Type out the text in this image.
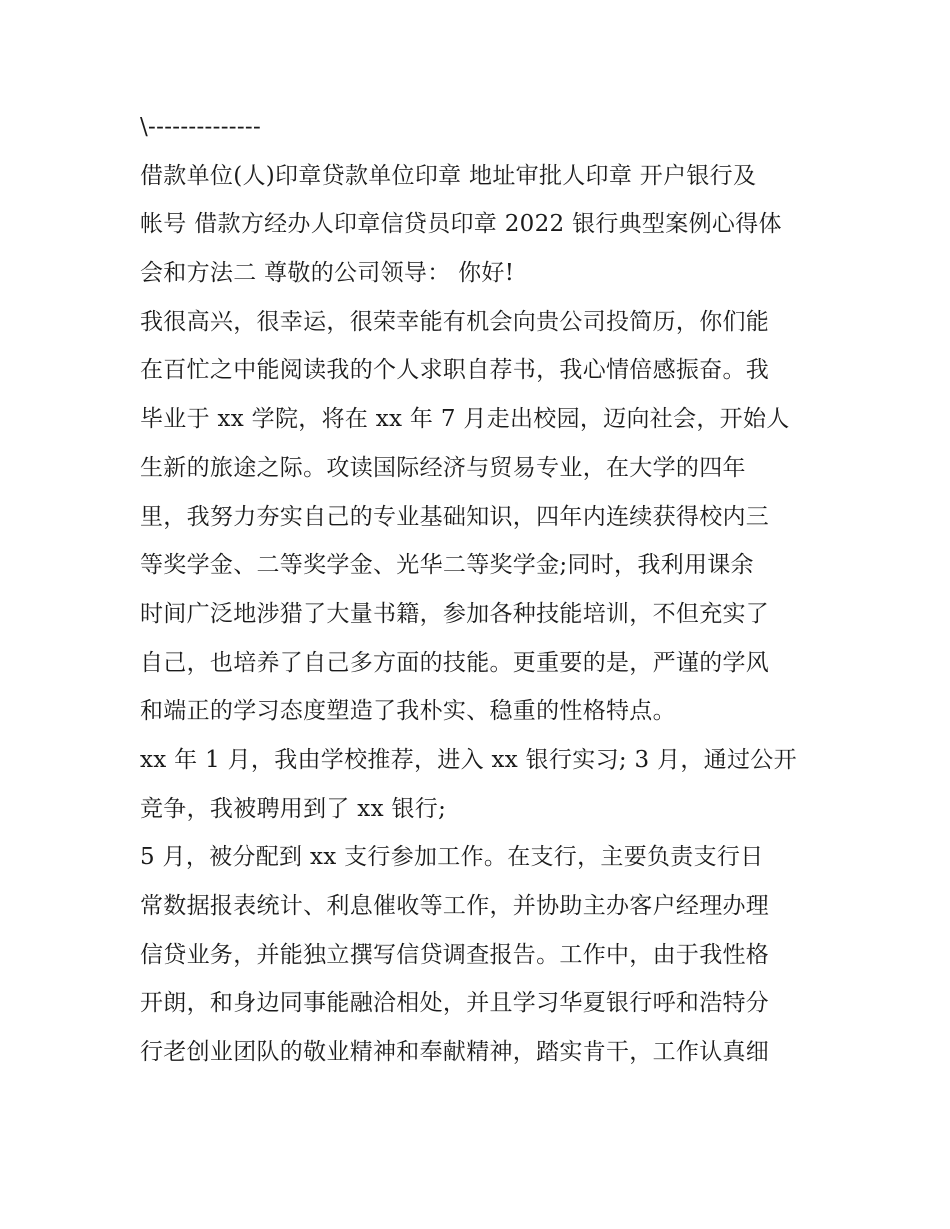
\--------------
借款单位(人)印章贷款单位印章 地址审批人印章 开户银行及
帐号 借款方经办人印章信贷员印章 2022 银行典型案例心得体
会和方法二 尊敬的公司领导： 你好!
我很高兴，很幸运，很荣幸能有机会向贵公司投简历，你们能
在百忙之中能阅读我的个人求职自荐书，我心情倍感振奋。我
毕业于 xx 学院，将在 xx 年 7 月走出校园，迈向社会，开始人
生新的旅途之际。攻读国际经济与贸易专业，在大学的四年
里，我努力夯实自己的专业基础知识，四年内连续获得校内三
等奖学金、二等奖学金、光华二等奖学金;同时，我利用课余
时间广泛地涉猎了大量书籍，参加各种技能培训，不但充实了
自己，也培养了自己多方面的技能。更重要的是，严谨的学风
和端正的学习态度塑造了我朴实、稳重的性格特点。
xx 年 1 月，我由学校推荐，进入 xx 银行实习; 3 月，通过公开
竞争，我被聘用到了 xx 银行;
5 月，被分配到 xx 支行参加工作。在支行，主要负责支行日
常数据报表统计、利息催收等工作，并协助主办客户经理办理
信贷业务，并能独立撰写信贷调查报告。工作中，由于我性格
开朗，和身边同事能融洽相处，并且学习华夏银行呼和浩特分
行老创业团队的敬业精神和奉献精神，踏实肯干，工作认真细
